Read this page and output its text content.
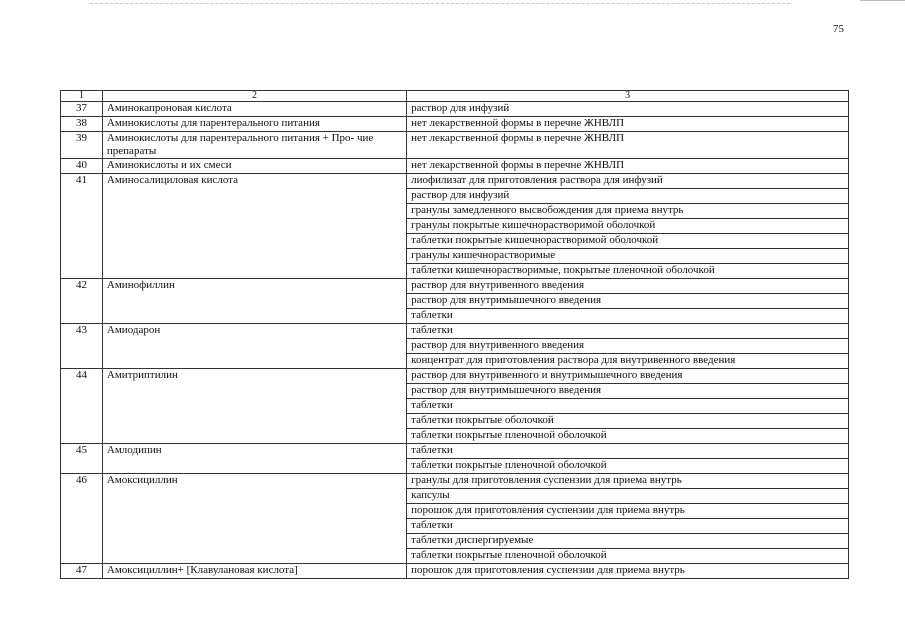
75
1	2	3
37	Аминокапроновая кислота	раствор для инфузий
38	Аминокислоты для парентерального питания	нет лекарственной формы в перечне ЖНВЛП
39	Аминокислоты для парентерального питания + Про- чие препараты	нет лекарственной формы в перечне ЖНВЛП
40	Аминокислоты и их смеси	нет лекарственной формы в перечне ЖНВЛП
41	Аминосалициловая кислота	лиофилизат для приготовления раствора для инфузий
		раствор для инфузий
		гранулы замедленного высвобождения для приема внутрь
		гранулы покрытые кишечнорастворимой оболочкой
		таблетки покрытые кишечнорастворимой оболочкой
		гранулы кишечнорастворимые
		таблетки кишечнорастворимые, покрытые пленочной оболочкой
42	Аминофиллин	раствор для внутривенного введения
		раствор для внутримышечного введения
		таблетки
43	Амиодарон	таблетки
		раствор для внутривенного введения
		концентрат для приготовления раствора для внутривенного введения
44	Амитриптилин	раствор для внутривенного и внутримышечного введения
		раствор для внутримышечного введения
		таблетки
		таблетки покрытые оболочкой
		таблетки покрытые пленочной оболочкой
45	Амлодипин	таблетки
		таблетки покрытые пленочной оболочкой
46	Амоксициллин	гранулы для приготовления суспензии для приема внутрь
		капсулы
		порошок для приготовления суспензии для приема внутрь
		таблетки
		таблетки диспергируемые
		таблетки покрытые пленочной оболочкой
47	Амоксициллин+ [Клавулановая кислота]	порошок для приготовления суспензии для приема внутрь
